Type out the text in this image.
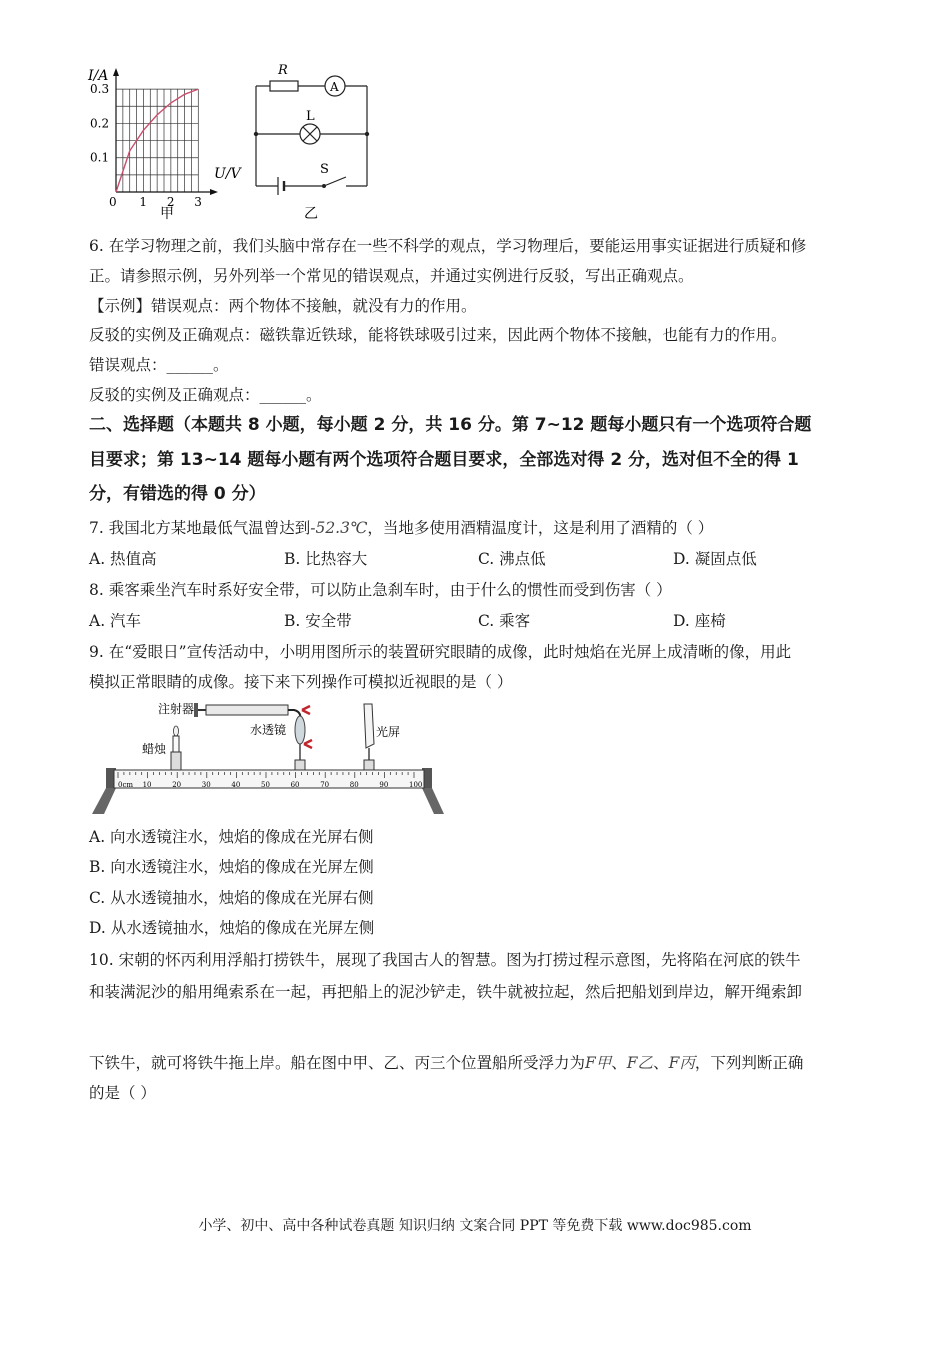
I/A
U/V
0.3
0.2
0.1
0 1 2 3
甲
R
A
L
S
乙
6. 在学习物理之前，我们头脑中常存在一些不科学的观点，学习物理后，要能运用事实证据进行质疑和修
正。请参照示例，另外列举一个常见的错误观点，并通过实例进行反驳，写出正确观点。
【示例】错误观点：两个物体不接触，就没有力的作用。
反驳的实例及正确观点：磁铁靠近铁球，能将铁球吸引过来，因此两个物体不接触，也能有力的作用。
错误观点：______。
反驳的实例及正确观点：______。
二、选择题（本题共 8 小题，每小题 2 分，共 16 分。第 7~12 题每小题只有一个选项符合题
目要求；第 13~14 题每小题有两个选项符合题目要求，全部选对得 2 分，选对但不全的得 1
分，有错选的得 0 分）
7. 我国北方某地最低气温曾达到-52.3℃，当地多使用酒精温度计，这是利用了酒精的（ ）
A. 热值高	B. 比热容大	C. 沸点低	D. 凝固点低
8. 乘客乘坐汽车时系好安全带，可以防止急刹车时，由于什么的惯性而受到伤害（ ）
A. 汽车	B. 安全带	C. 乘客	D. 座椅
9. 在“爱眼日”宣传活动中，小明用图所示的装置研究眼睛的成像，此时烛焰在光屏上成清晰的像，用此
模拟正常眼睛的成像。接下来下列操作可模拟近视眼的是（ ）
注射器
水透镜
蜡烛
光屏
0cm 10	20	30	40	50	60	70	80	90	100
A. 向水透镜注水，烛焰的像成在光屏右侧
B. 向水透镜注水，烛焰的像成在光屏左侧
C. 从水透镜抽水，烛焰的像成在光屏右侧
D. 从水透镜抽水，烛焰的像成在光屏左侧
10. 宋朝的怀丙利用浮船打捞铁牛，展现了我国古人的智慧。图为打捞过程示意图，先将陷在河底的铁牛
和装满泥沙的船用绳索系在一起，再把船上的泥沙铲走，铁牛就被拉起，然后把船划到岸边，解开绳索卸
下铁牛，就可将铁牛拖上岸。船在图中甲、乙、丙三个位置船所受浮力为F甲、F乙、F丙，下列判断正确
的是（ ）
小学、初中、高中各种试卷真题 知识归纳 文案合同 PPT 等免费下载 www.doc985.com
